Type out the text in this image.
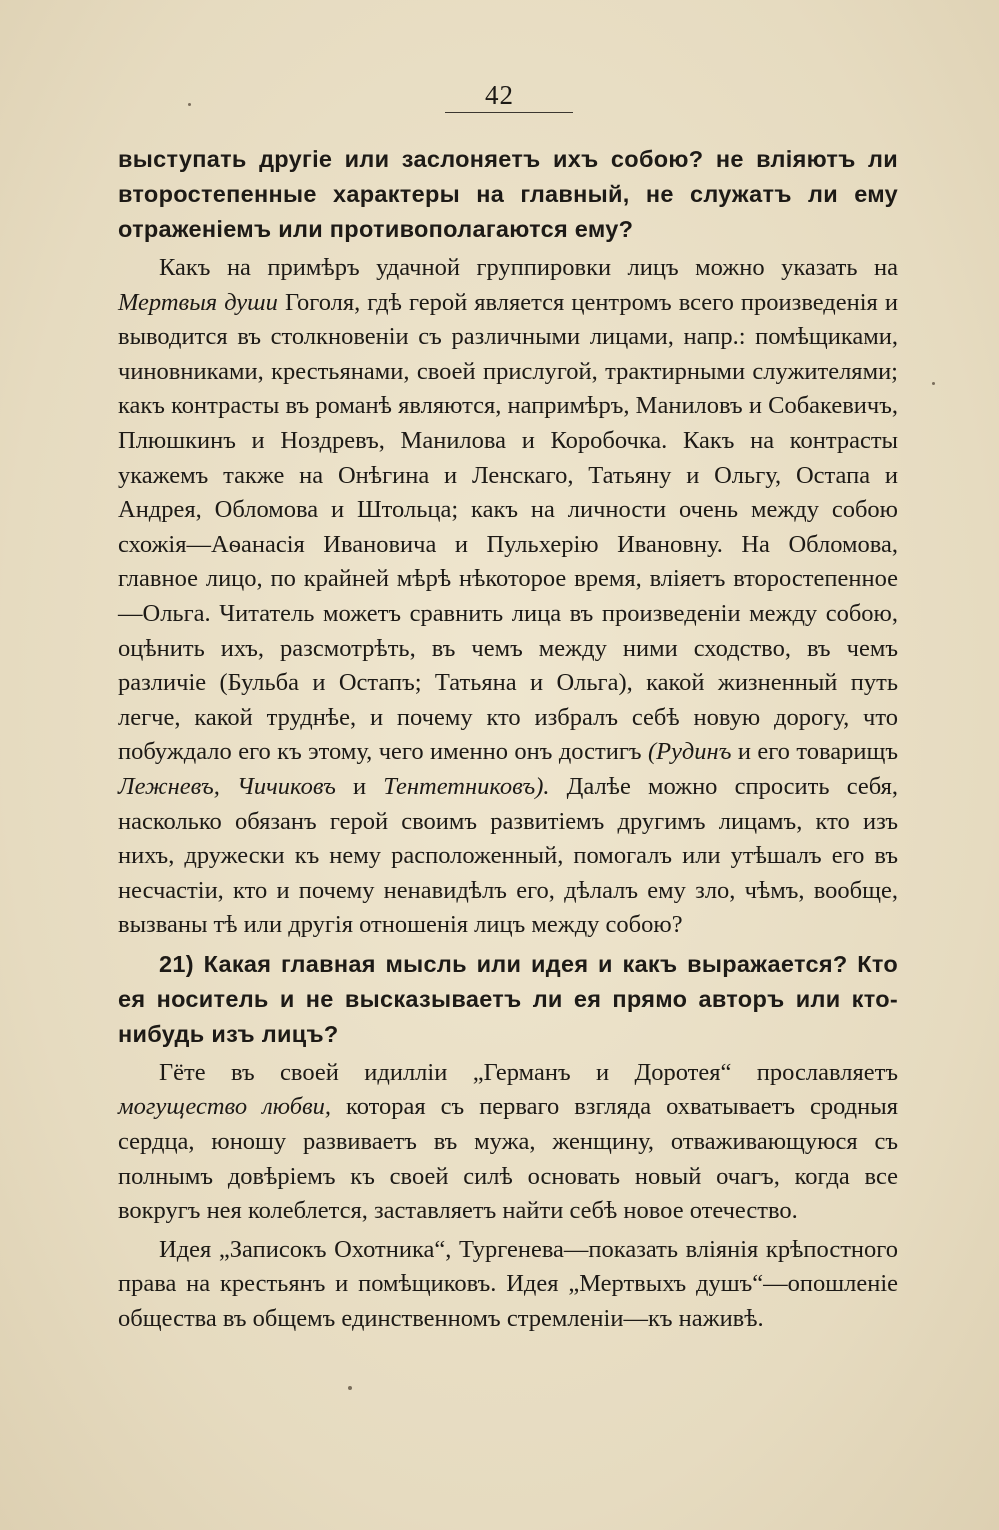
42

выступать другіе или заслоняетъ ихъ собою? не вліяютъ ли второстепенные характеры на главный, не служатъ ли ему отраженіемъ или противополагаются ему?

Какъ на примѣръ удачной группировки лицъ можно указать на Мертвыя души Гоголя, гдѣ герой является центромъ всего произведенія и выводится въ столкновеніи съ различными лицами, напр.: помѣщиками, чиновниками, крестьянами, своей прислугой, трактирными служителями; какъ контрасты въ романѣ являются, напримѣръ, Маниловъ и Собакевичъ, Плюшкинъ и Ноздревъ, Манилова и Коробочка. Какъ на контрасты укажемъ также на Онѣгина и Ленскаго, Татьяну и Ольгу, Остапа и Андрея, Обломова и Штольца; какъ на личности очень между собою схожія—Аѳанасія Ивановича и Пульхерію Ивановну. На Обломова, главное лицо, по крайней мѣрѣ нѣкоторое время, вліяетъ второстепенное—Ольга. Читатель можетъ сравнить лица въ произведеніи между собою, оцѣнить ихъ, разсмотрѣть, въ чемъ между ними сходство, въ чемъ различіе (Бульба и Остапъ; Татьяна и Ольга), какой жизненный путь легче, какой труднѣе, и почему кто избралъ себѣ новую дорогу, что побуждало его къ этому, чего именно онъ достигъ (Рудинъ и его товарищъ Лежневъ, Чичиковъ и Тентетниковъ). Далѣе можно спросить себя, насколько обязанъ герой своимъ развитіемъ другимъ лицамъ, кто изъ нихъ, дружески къ нему расположенный, помогалъ или утѣшалъ его въ несчастіи, кто и почему ненавидѣлъ его, дѣлалъ ему зло, чѣмъ, вообще, вызваны тѣ или другія отношенія лицъ между собою?

21) Какая главная мысль или идея и какъ выражается? Кто ея носитель и не высказываетъ ли ея прямо авторъ или кто-нибудь изъ лицъ?

Гёте въ своей идилліи „Германъ и Доротея“ прославляетъ могущество любви, которая съ перваго взгляда охватываетъ сродныя сердца, юношу развиваетъ въ мужа, женщину, отваживающуюся съ полнымъ довѣріемъ къ своей силѣ основать новый очагъ, когда все вокругъ нея колеблется, заставляетъ найти себѣ новое отечество.

Идея „Записокъ Охотника“, Тургенева—показать вліянія крѣпостного права на крестьянъ и помѣщиковъ. Идея „Мертвыхъ душъ“—опошленіе общества въ общемъ единственномъ стремленіи—къ наживѣ.
